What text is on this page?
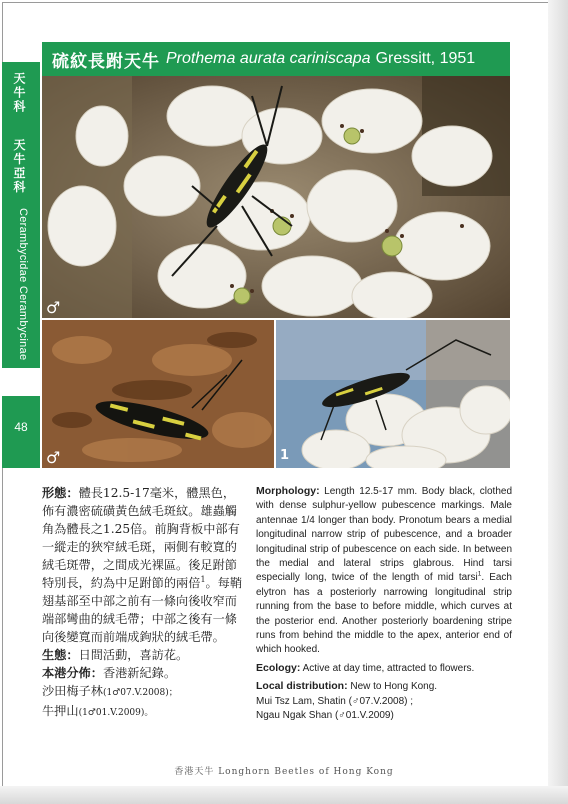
硫紋長跗天牛 Prothema aurata cariniscapa Gressitt, 1951
天牛科  天牛亞科
Cerambycidae Cerambycinae
48
♂
♂	1

形態：體長12.5-17毫米，體黑色，佈有濃密硫磺黃色絨毛斑紋。雄蟲觸角為體長之1.25倍。前胸背板中部有一縱走的狹窄絨毛斑，兩側有較寬的絨毛斑帶，之間成光裸區。後足跗節特別長，約為中足跗節的兩倍$^1$。每鞘翅基部至中部之前有一條向後收窄而端部彎曲的絨毛帶；中部之後有一條向後變寬而前端成鉤狀的絨毛帶。

生態：日間活動，喜訪花。

本港分佈：香港新紀錄。

沙田梅子林(1♂07.V.2008)；

牛押山(1♂01.V.2009)。

Morphology: Length 12.5-17 mm. Body black, clothed with dense sulphur-yellow pubescence markings. Male antennae 1/4 longer than body. Pronotum bears a medial longitudinal narrow strip of pubescence, and a broader longitudinal strip of pubescence on each side. In between the medial and lateral strips glabrous. Hind tarsi especially long, twice of the length of mid tarsi$^1$. Each elytron has a posteriorly narrowing longitudinal strip running from the base to before middle, which curves at the posterior end. Another posteriorly boardening stripe runs from behind the middle to the apex, anterior end of which hooked.

Ecology: Active at day time, attracted to flowers.

Local distribution: New to Hong Kong.

Mui Tsz Lam, Shatin (♂07.V.2008) ;

Ngau Ngak Shan (♂01.V.2009)

香港天牛 Longhorn Beetles of Hong Kong
